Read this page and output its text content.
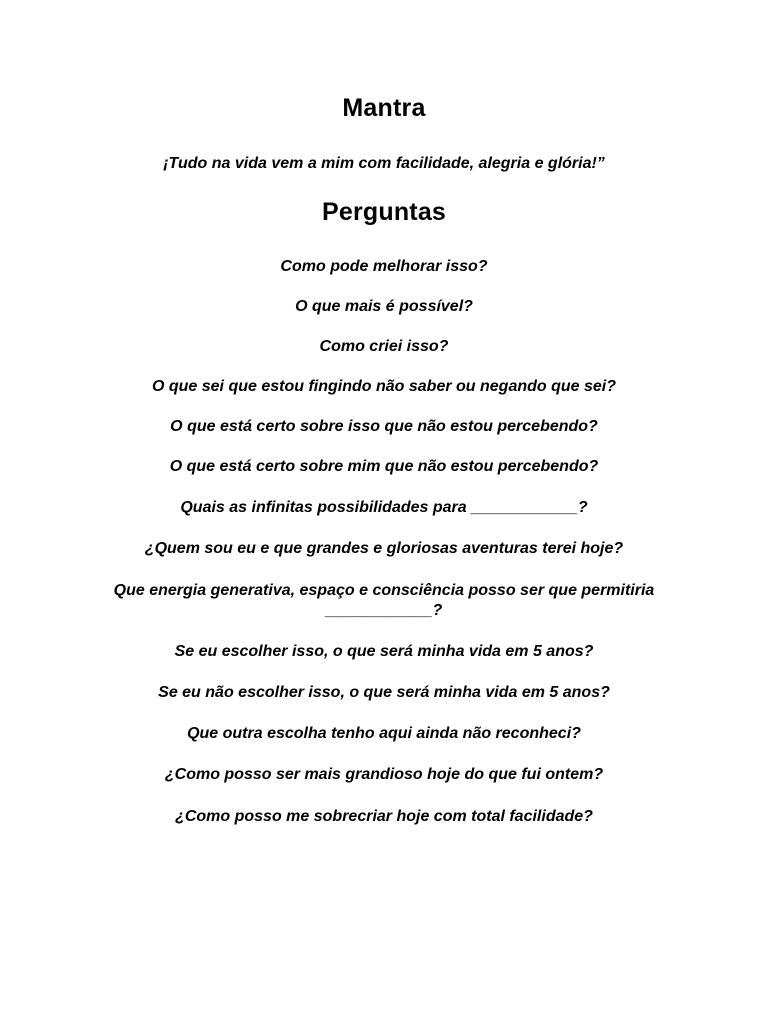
Mantra
¡Tudo na vida vem a mim com facilidade, alegria e glória!”
Perguntas
Como pode melhorar isso?
O que mais é possível?
Como criei isso?
O que sei que estou fingindo não saber ou negando que sei?
O que está certo sobre isso que não estou percebendo?
O que está certo sobre mim que não estou percebendo?
Quais as infinitas possibilidades para ____________?
¿Quem sou eu e que grandes e gloriosas aventuras terei hoje?
Que energia generativa, espaço e consciência posso ser que permitiria
____________?
Se eu escolher isso, o que será minha vida em 5 anos?
Se eu não escolher isso, o que será minha vida em 5 anos?
Que outra escolha tenho aqui ainda não reconheci?
¿Como posso ser mais grandioso hoje do que fui ontem?
¿Como posso me sobrecriar hoje com total facilidade?
